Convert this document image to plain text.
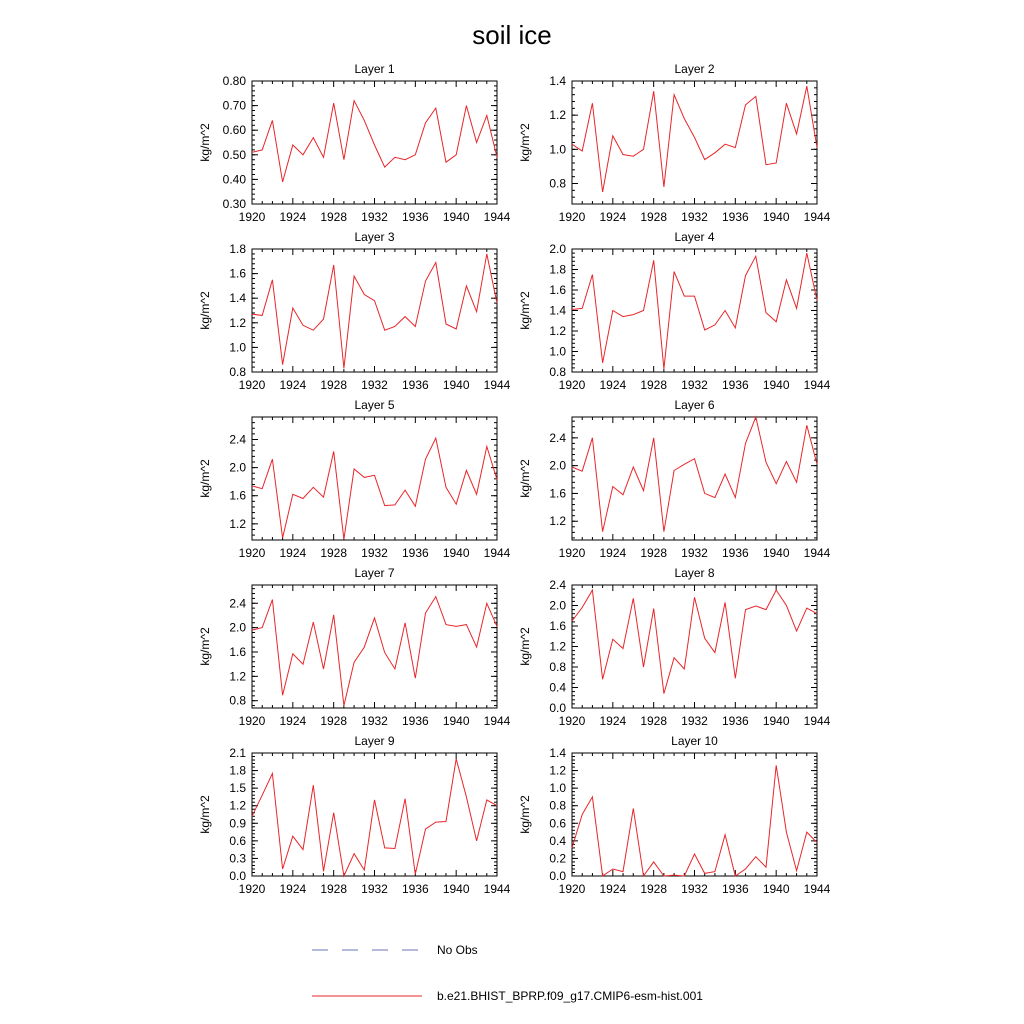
soil ice
Layer 1
1920 1924 1928 1932 1936 1940 1944
0.30
0.40
0.50
0.60
0.70
0.80
kg/m^2
Layer 2
1920 1924 1928 1932 1936 1940 1944
0.8
1.0
1.2
1.4
kg/m^2
Layer 3
1920 1924 1928 1932 1936 1940 1944
0.8
1.0
1.2
1.4
1.6
1.8
kg/m^2
Layer 4
1920 1924 1928 1932 1936 1940 1944
0.8
1.0
1.2
1.4
1.6
1.8
2.0
kg/m^2
Layer 5
1920 1924 1928 1932 1936 1940 1944
1.2
1.6
2.0
2.4
kg/m^2
Layer 6
1920 1924 1928 1932 1936 1940 1944
1.2
1.6
2.0
2.4
kg/m^2
Layer 7
1920 1924 1928 1932 1936 1940 1944
0.8
1.2
1.6
2.0
2.4
kg/m^2
Layer 8
1920 1924 1928 1932 1936 1940 1944
0.0
0.4
0.8
1.2
1.6
2.0
2.4
kg/m^2
Layer 9
1920 1924 1928 1932 1936 1940 1944
0.0
0.3
0.6
0.9
1.2
1.5
1.8
2.1
kg/m^2
Layer 10
1920 1924 1928 1932 1936 1940 1944
0.0
0.2
0.4
0.6
0.8
1.0
1.2
1.4
kg/m^2
No Obs
b.e21.BHIST_BPRP.f09_g17.CMIP6-esm-hist.001
